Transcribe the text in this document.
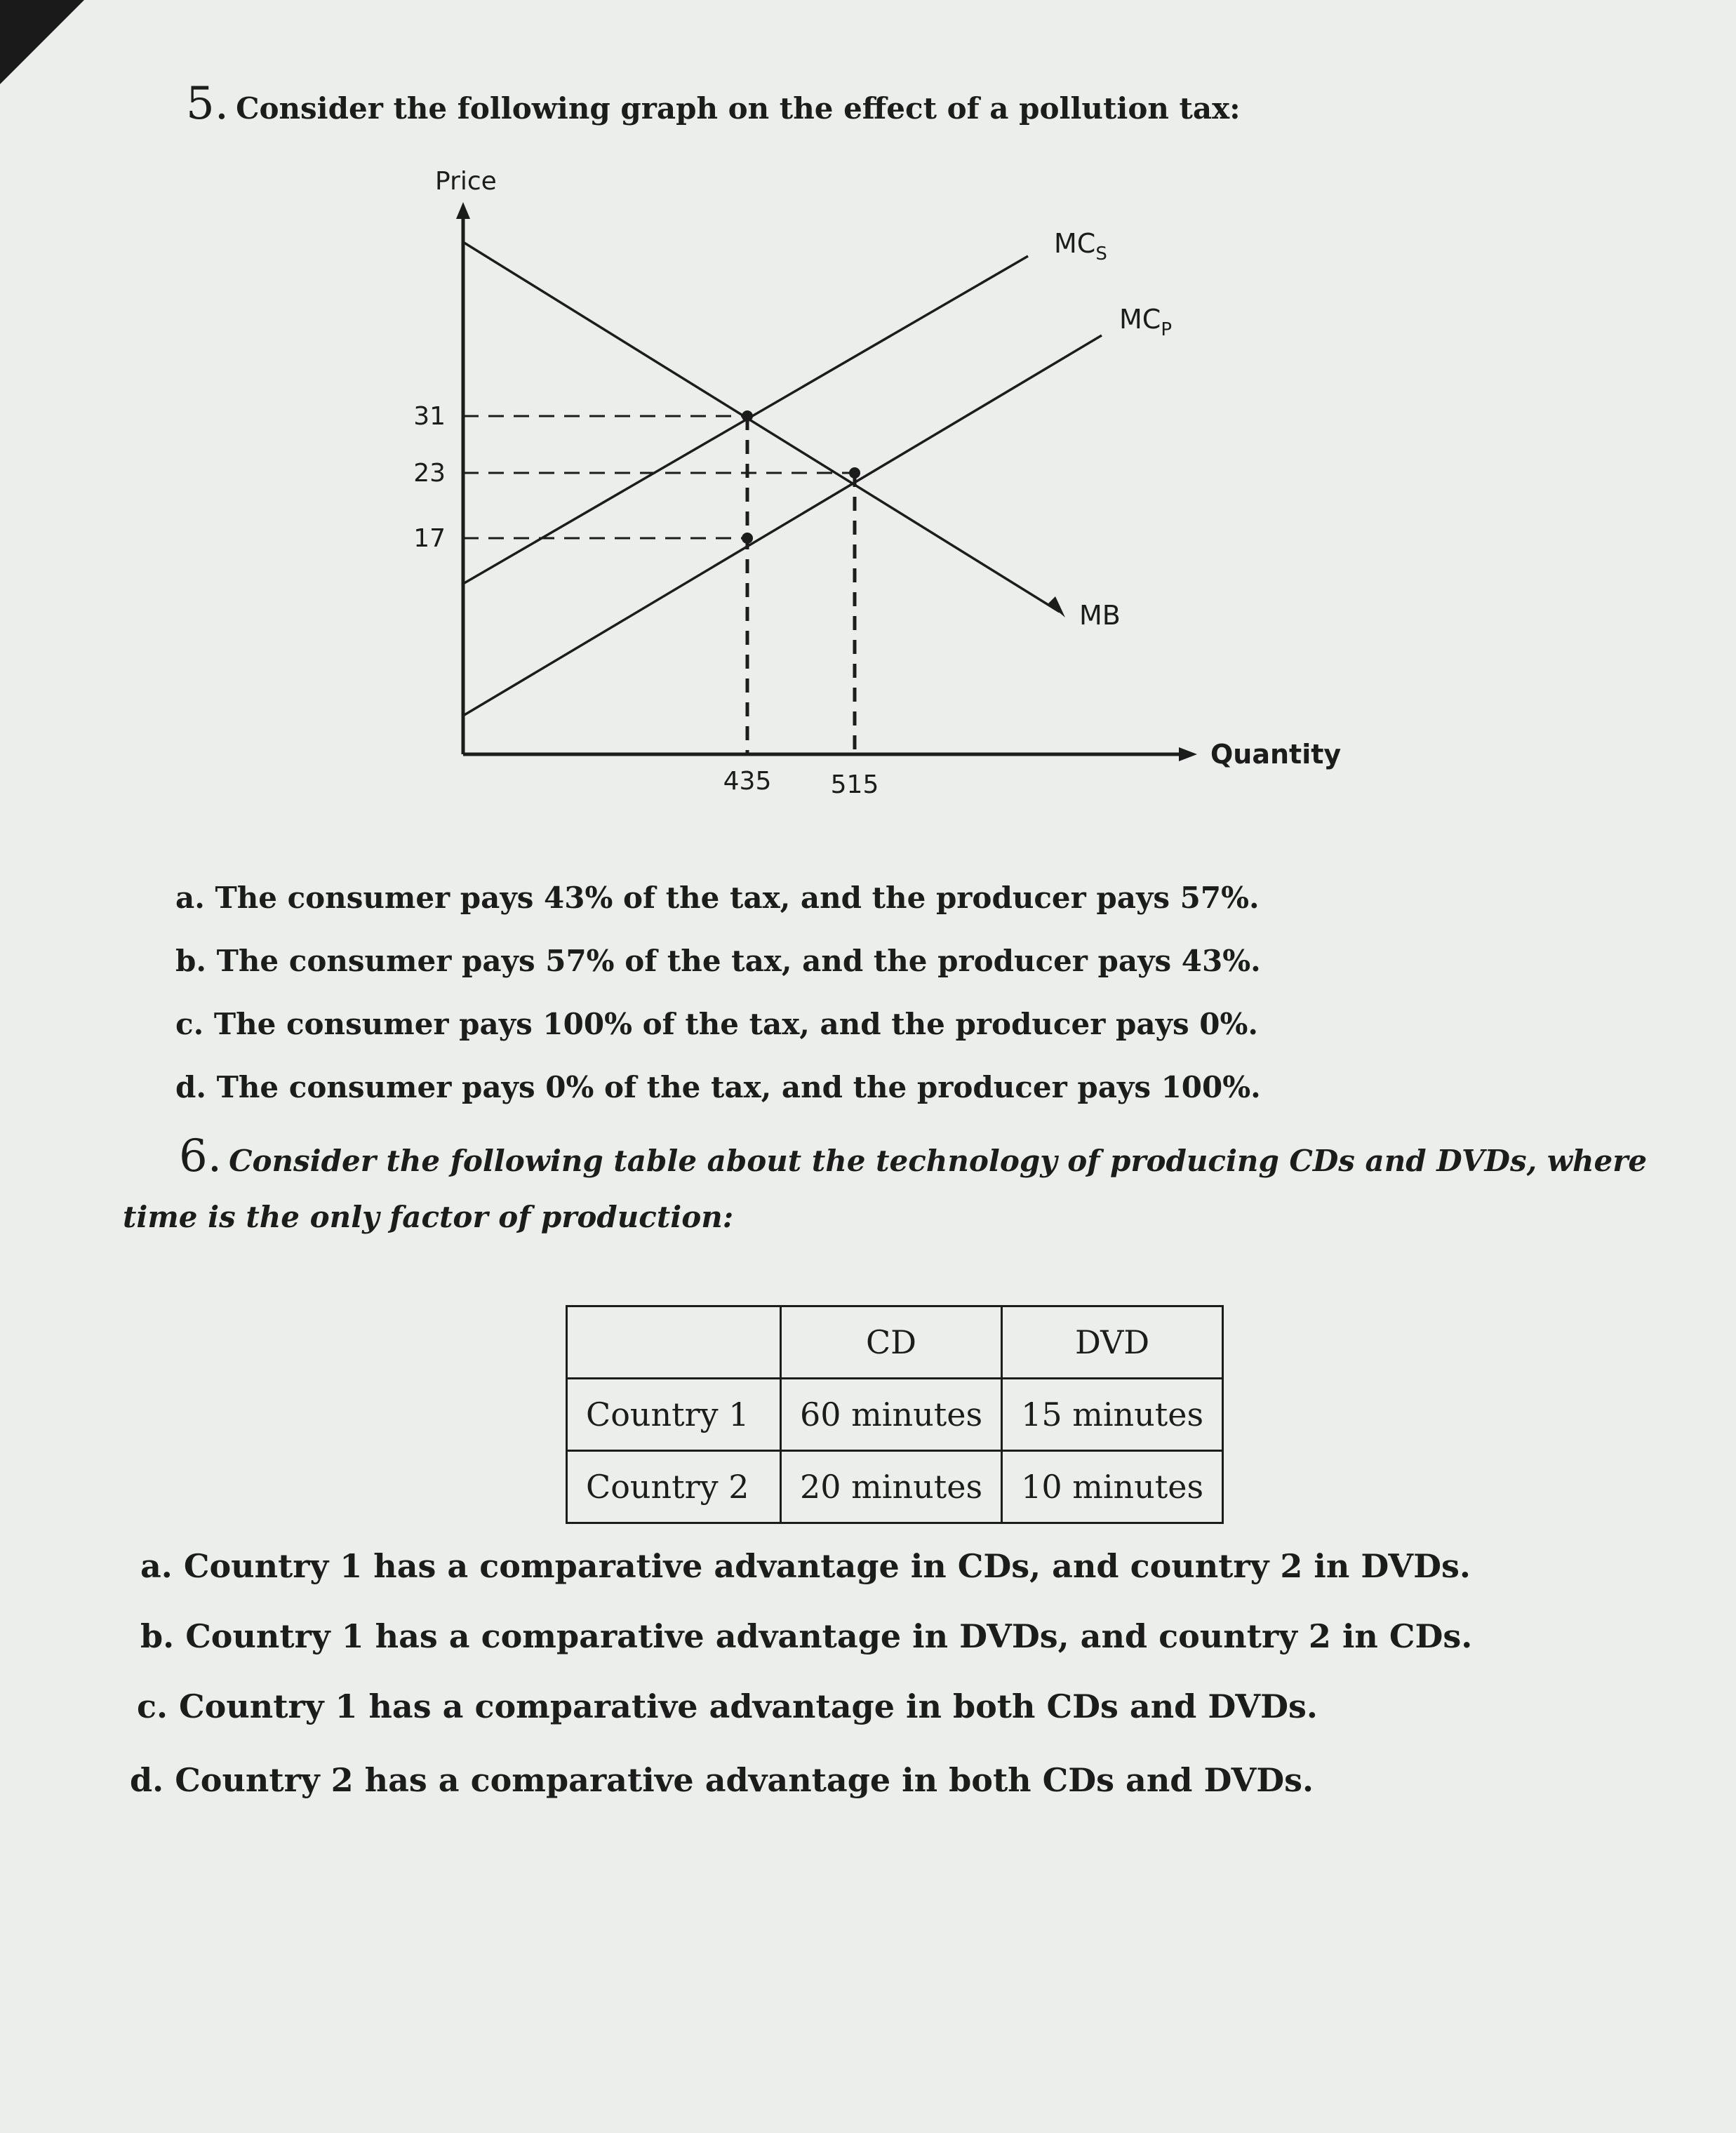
5. Consider the following graph on the effect of a pollution tax:
Price
Quantity
31
23
17
435 515
$MC_S$
$MC_P$
MB
a. The consumer pays 43% of the tax, and the producer pays 57%.
b. The consumer pays 57% of the tax, and the producer pays 43%.
c. The consumer pays 100% of the tax, and the producer pays 0%.
d. The consumer pays 0% of the tax, and the producer pays 100%.
6. Consider the following table about the technology of producing CDs and DVDs, where
time is the only factor of production:
	CD	DVD
Country 1	60 minutes	15 minutes
Country 2	20 minutes	10 minutes
a. Country 1 has a comparative advantage in CDs, and country 2 in DVDs.
b. Country 1 has a comparative advantage in DVDs, and country 2 in CDs.
c. Country 1 has a comparative advantage in both CDs and DVDs.
d. Country 2 has a comparative advantage in both CDs and DVDs.
